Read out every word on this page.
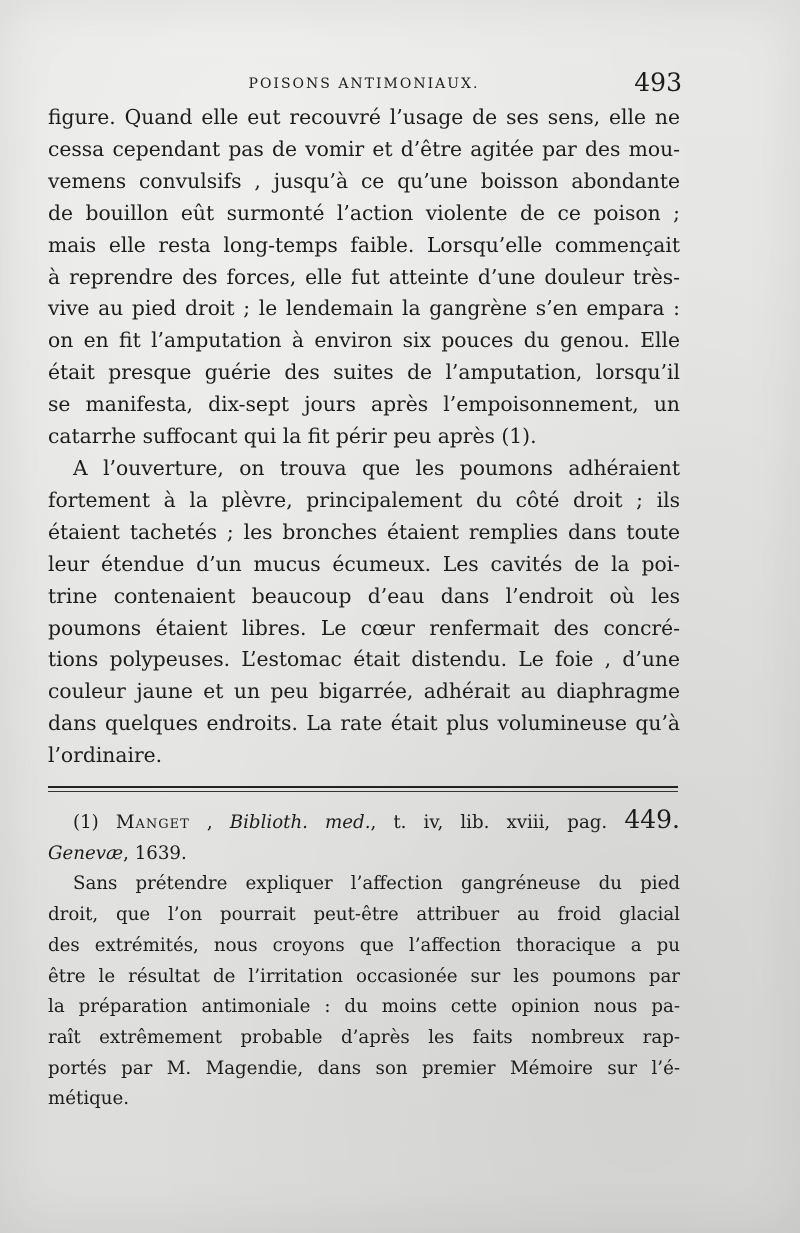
POISONS ANTIMONIAUX.	493
figure. Quand elle eut recouvré l’usage de ses sens, elle ne
cessa cependant pas de vomir et d’être agitée par des mou-
vemens convulsifs , jusqu’à ce qu’une boisson abondante
de bouillon eût surmonté l’action violente de ce poison ;
mais elle resta long-temps faible. Lorsqu’elle commençait
à reprendre des forces, elle fut atteinte d’une douleur très-
vive au pied droit ; le lendemain la gangrène s’en empara :
on en fit l’amputation à environ six pouces du genou. Elle
était presque guérie des suites de l’amputation, lorsqu’il
se manifesta, dix-sept jours après l’empoisonnement, un
catarrhe suffocant qui la fit périr peu après (1).
A l’ouverture, on trouva que les poumons adhéraient
fortement à la plèvre, principalement du côté droit ; ils
étaient tachetés ; les bronches étaient remplies dans toute
leur étendue d’un mucus écumeux. Les cavités de la poi-
trine contenaient beaucoup d’eau dans l’endroit où les
poumons étaient libres. Le cœur renfermait des concré-
tions polypeuses. L’estomac était distendu. Le foie , d’une
couleur jaune et un peu bigarrée, adhérait au diaphragme
dans quelques endroits. La rate était plus volumineuse qu’à
l’ordinaire.
(1) Manget , Biblioth. med., t. iv, lib. xviii, pag. 449.
Genevæ, 1639.
Sans prétendre expliquer l’affection gangréneuse du pied
droit, que l’on pourrait peut-être attribuer au froid glacial
des extrémités, nous croyons que l’affection thoracique a pu
être le résultat de l’irritation occasionée sur les poumons par
la préparation antimoniale : du moins cette opinion nous pa-
raît extrêmement probable d’après les faits nombreux rap-
portés par M. Magendie, dans son premier Mémoire sur l’é-
métique.
